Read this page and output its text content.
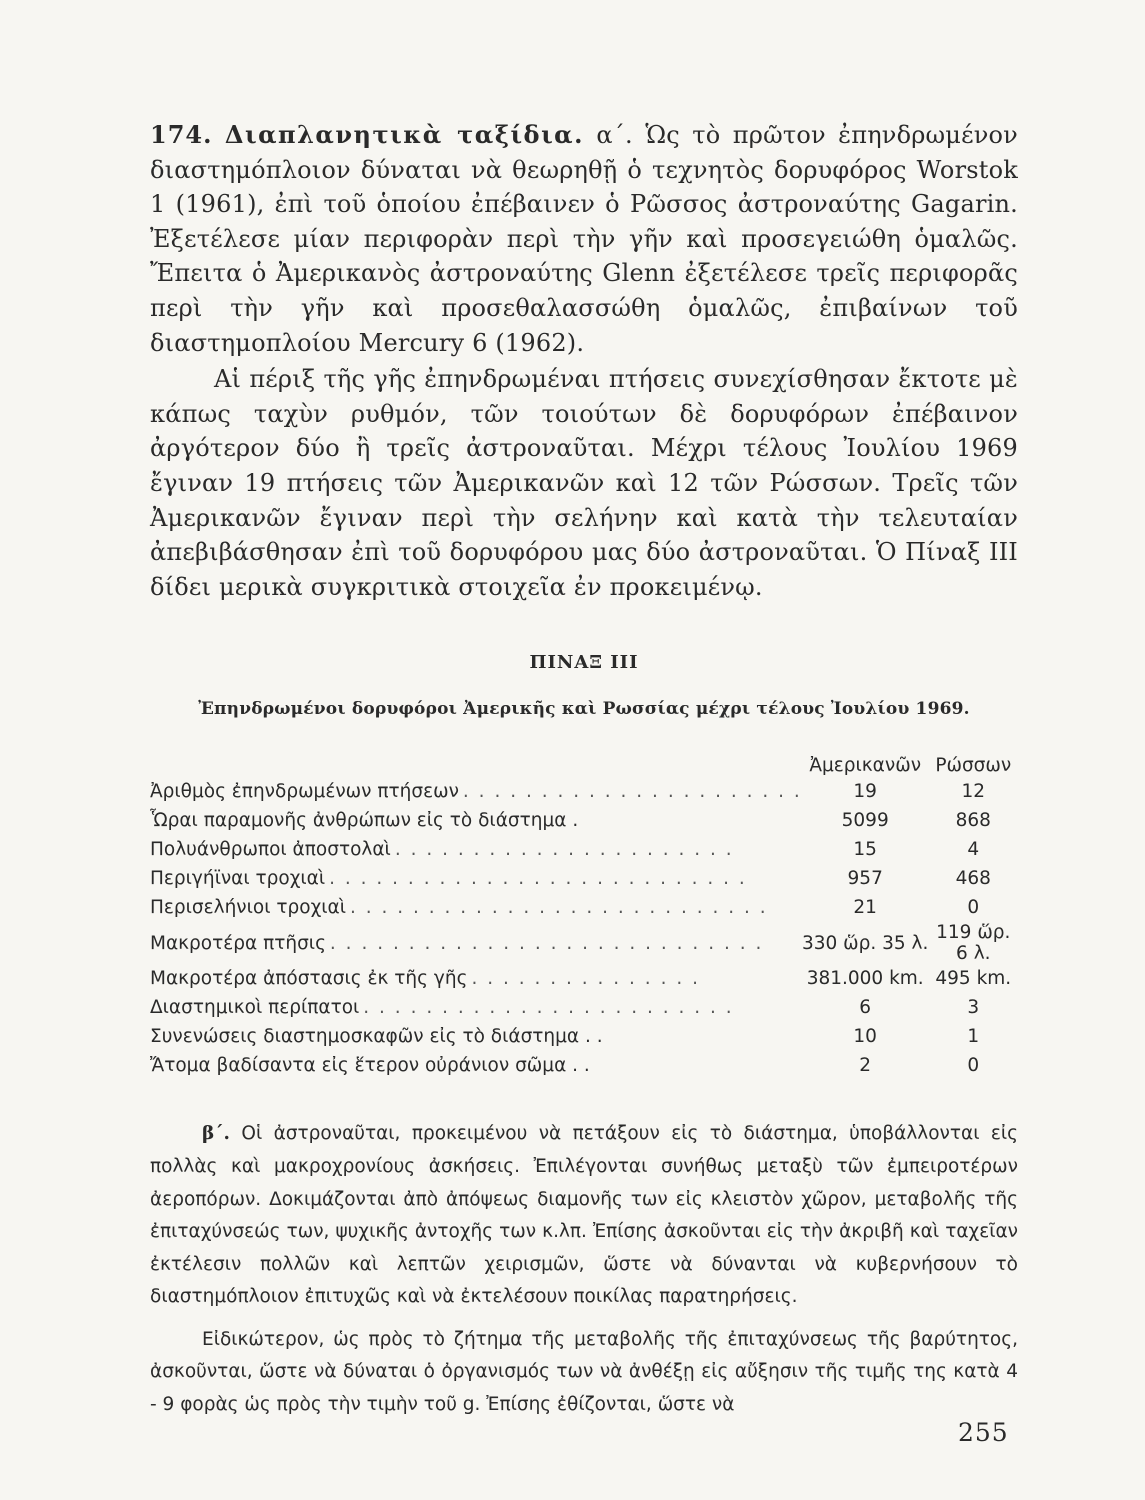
174. Διαπλανητικὰ ταξίδια. α΄. Ὡς τὸ πρῶτον ἐπηνδρωμένον διαστημόπλοιον δύναται νὰ θεωρηθῇ ὁ τεχνητὸς δορυφόρος Worstok 1 (1961), ἐπὶ τοῦ ὁποίου ἐπέβαινεν ὁ Ρῶσσος ἀστροναύτης Gagarin. Ἐξετέλεσε μίαν περιφορὰν περὶ τὴν γῆν καὶ προσεγειώθη ὁμαλῶς. Ἔπειτα ὁ Ἀμερικανὸς ἀστροναύτης Glenn ἐξετέλεσε τρεῖς περιφορᾶς περὶ τὴν γῆν καὶ προσεθαλασσώθη ὁμαλῶς, ἐπιβαίνων τοῦ διαστημοπλοίου Mercury 6 (1962).

Αἱ πέριξ τῆς γῆς ἐπηνδρωμέναι πτήσεις συνεχίσθησαν ἔκτοτε μὲ κάπως ταχὺν ρυθμόν, τῶν τοιούτων δὲ δορυφόρων ἐπέβαινον ἀργότερον δύο ἢ τρεῖς ἀστροναῦται. Μέχρι τέλους Ἰουλίου 1969 ἔγιναν 19 πτήσεις τῶν Ἀμερικανῶν καὶ 12 τῶν Ρώσσων. Τρεῖς τῶν Ἀμερικανῶν ἔγιναν περὶ τὴν σελήνην καὶ κατὰ τὴν τελευταίαν ἀπεβιβάσθησαν ἐπὶ τοῦ δορυφόρου μας δύο ἀστροναῦται. Ὁ Πίναξ ΙΙΙ δίδει μερικὰ συγκριτικὰ στοιχεῖα ἐν προκειμένῳ.

ΠΙΝΑΞ III
Ἐπηνδρωμένοι δορυφόροι Ἀμερικῆς καὶ Ρωσσίας μέχρι τέλους Ἰουλίου 1969.
	Ἀμερικανῶν	Ρώσσων
Ἀριθμὸς ἐπηνδρωμένων πτήσεων . . . . . . . . . . . . . . . . . . . . . .	19	12
Ὧραι παραμονῆς ἀνθρώπων εἰς τὸ διάστημα .	5099	868
Πολυάνθρωποι ἀποστολαὶ . . . . . . . . . . . . . . . . . . . . . .	15	4
Περιγήϊναι τροχιαὶ . . . . . . . . . . . . . . . . . . . . . . . . . . .	957	468
Περισελήνιοι τροχιαὶ . . . . . . . . . . . . . . . . . . . . . . . . . . .	21	0
Μακροτέρα πτῆσις . . . . . . . . . . . . . . . . . . . . . . . . . . . .	330 ὥρ. 35 λ.	119 ὥρ. 6 λ.
Μακροτέρα ἀπόστασις ἐκ τῆς γῆς . . . . . . . . . . . . . . .	381.000 km.	495 km.
Διαστημικοὶ περίπατοι . . . . . . . . . . . . . . . . . . . . . . . .	6	3
Συνενώσεις διαστημοσκαφῶν εἰς τὸ διάστημα . .	10	1
Ἄτομα βαδίσαντα εἰς ἕτερον οὐράνιον σῶμα . .	2	0

β΄. Οἱ ἀστροναῦται, προκειμένου νὰ πετάξουν εἰς τὸ διάστημα, ὑποβάλλονται εἰς πολλὰς καὶ μακροχρονίους ἀσκήσεις. Ἐπιλέγονται συνήθως μεταξὺ τῶν ἐμπειροτέρων ἀεροπόρων. Δοκιμάζονται ἀπὸ ἀπόψεως διαμονῆς των εἰς κλειστὸν χῶρον, μεταβολῆς τῆς ἐπιταχύνσεώς των, ψυχικῆς ἀντοχῆς των κ.λπ. Ἐπίσης ἀσκοῦνται εἰς τὴν ἀκριβῆ καὶ ταχεῖαν ἐκτέλεσιν πολλῶν καὶ λεπτῶν χειρισμῶν, ὥστε νὰ δύνανται νὰ κυβερνήσουν τὸ διαστημόπλοιον ἐπιτυχῶς καὶ νὰ ἐκτελέσουν ποικίλας παρατηρήσεις.

Εἰδικώτερον, ὡς πρὸς τὸ ζήτημα τῆς μεταβολῆς τῆς ἐπιταχύνσεως τῆς βαρύτητος, ἀσκοῦνται, ὥστε νὰ δύναται ὁ ὀργανισμός των νὰ ἀνθέξῃ εἰς αὔξησιν τῆς τιμῆς της κατὰ 4 - 9 φορὰς ὡς πρὸς τὴν τιμὴν τοῦ g. Ἐπίσης ἐθίζονται, ὥστε νὰ

255
